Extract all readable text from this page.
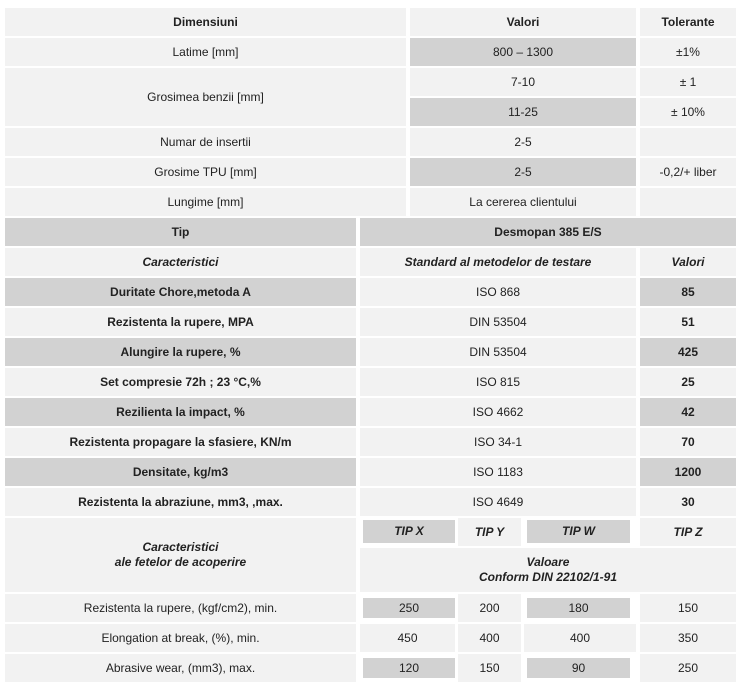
Dimensiuni	Valori	Tolerante
Latime [mm]	800 – 1300	±1%
Grosimea benzii [mm]
7-10	± 1
11-25	± 10%
Numar de insertii	2-5
Grosime TPU [mm]	2-5	-0,2/+ liber
Lungime [mm]	La cererea clientului
Tip	Desmopan 385 E/S
Caracteristici	Standard al metodelor de testare	Valori
Duritate Chore,metoda A	ISO 868	85
Rezistenta la rupere, MPA	DIN 53504	51
Alungire la rupere, %	DIN 53504	425
Set compresie 72h ; 23 °C,%	ISO 815	25
Rezilienta la impact, %	ISO 4662	42
Rezistenta propagare la sfasiere, KN/m	ISO 34-1	70
Densitate, kg/m3	ISO 1183	1200
Rezistenta la abraziune, mm3, ,max.	ISO 4649	30
Caracteristici
ale fetelor de acoperire
TIP X	TIP Y	TIP W	TIP Z
Valoare
Conform DIN 22102/1-91
Rezistenta la rupere, (kgf/cm2), min.	250	200	180	150
Elongation at break, (%), min.	450	400	400	350
Abrasive wear, (mm3), max.	120	150	90	250
